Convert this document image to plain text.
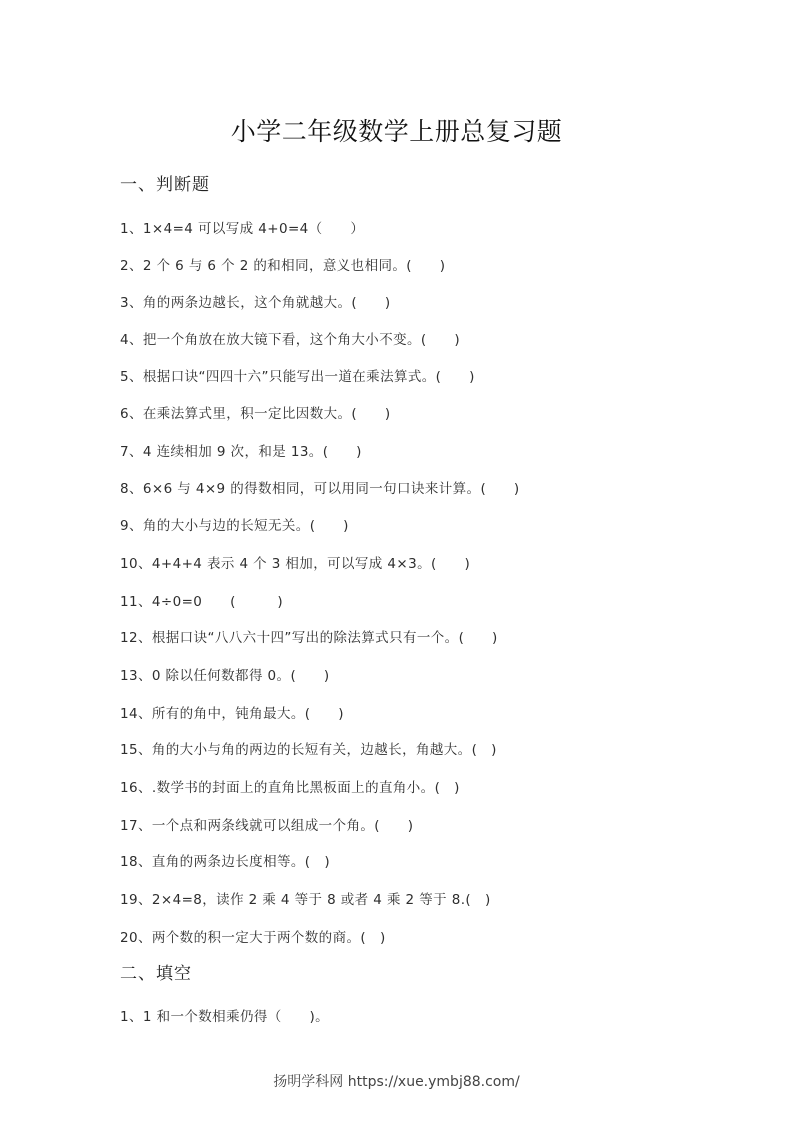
小学二年级数学上册总复习题
一、判断题
1、1×4=4 可以写成 4+0=4（　　）
2、2 个 6 与 6 个 2 的和相同，意义也相同。(　　)
3、角的两条边越长，这个角就越大。(　　)
4、把一个角放在放大镜下看，这个角大小不变。(　　)
5、根据口诀“四四十六”只能写出一道在乘法算式。(　　)
6、在乘法算式里，积一定比因数大。(　　)
7、4 连续相加 9 次，和是 13。(　　)
8、6×6 与 4×9 的得数相同，可以用同一句口诀来计算。(　　)
9、角的大小与边的长短无关。(　　)
10、4+4+4 表示 4 个 3 相加，可以写成 4×3。(　　)
11、4÷0=0　　(　　　)
12、根据口诀“八八六十四”写出的除法算式只有一个。(　　)
13、0 除以任何数都得 0。(　　)
14、所有的角中，钝角最大。(　　)
15、角的大小与角的两边的长短有关，边越长，角越大。(　)
16、.数学书的封面上的直角比黑板面上的直角小。(　)
17、一个点和两条线就可以组成一个角。(　　)
18、直角的两条边长度相等。(　)
19、2×4=8，读作 2 乘 4 等于 8 或者 4 乘 2 等于 8.(　)
20、两个数的积一定大于两个数的商。(　)
二、填空
1、1 和一个数相乘仍得（　　)。
扬明学科网 https://xue.ymbj88.com/
